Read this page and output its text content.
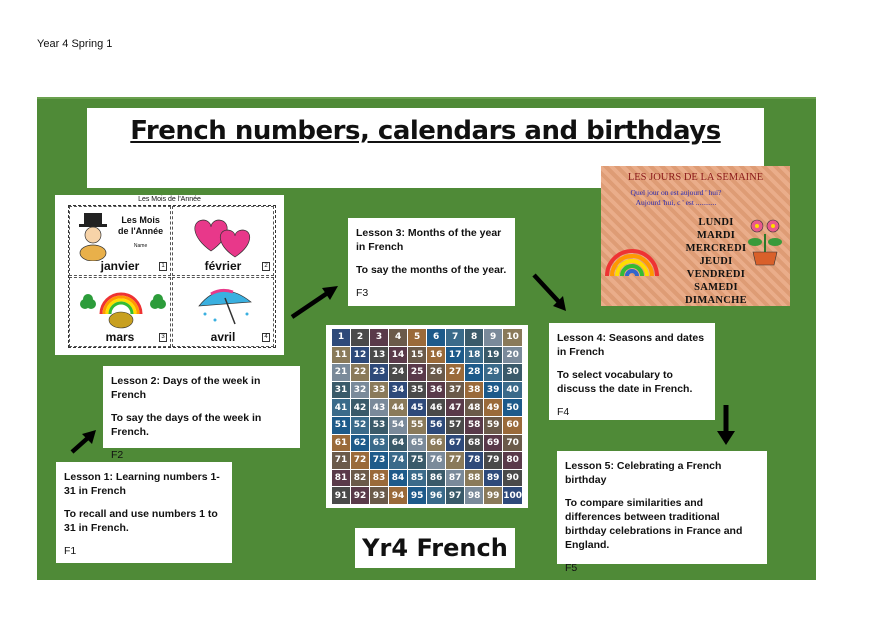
Year 4 Spring 1
French numbers, calendars and birthdays
Les Mois de l'Année
Les Mois
de l'Année
Name
janvier	1	février	2
mars	3	avril	4

Lesson 1: Learning numbers 1-31 in French

To recall and use numbers 1 to 31 in French.

F1

Lesson 2: Days of the week in French

To say the days of the week in French.

F2

Lesson 3: Months of the year in French

To say the months of the year.

F3

Lesson 4: Seasons and dates in French

To select vocabulary to discuss the date in French.

F4

Lesson 5: Celebrating a French birthday

To compare similarities and differences between traditional birthday celebrations in France and England.

F5

LES JOURS DE LA SEMAINE
Quel jour on est aujourd ' hui?
Aujourd 'hui, c ' est ...........
LUNDI
MARDI
MERCREDI
JEUDI
VENDREDI
SAMEDI
DIMANCHE
1	2	3	4	5	6	7	8	9	10
11 12 13 14 15 16 17 18 19 20
21 22 23 24 25 26 27 28 29 30
31 32 33 34 35 36 37 38 39 40
41 42 43 44 45 46 47 48 49 50
51 52 53 54 55 56 57 58 59 60
61 62 63 64 65 66 67 68 69 70
71 72 73 74 75 76 77 78 79 80
81 82 83 84 85 86 87 88 89 90
91 92 93 94 95 96 97 98 99 100
Yr4 French
